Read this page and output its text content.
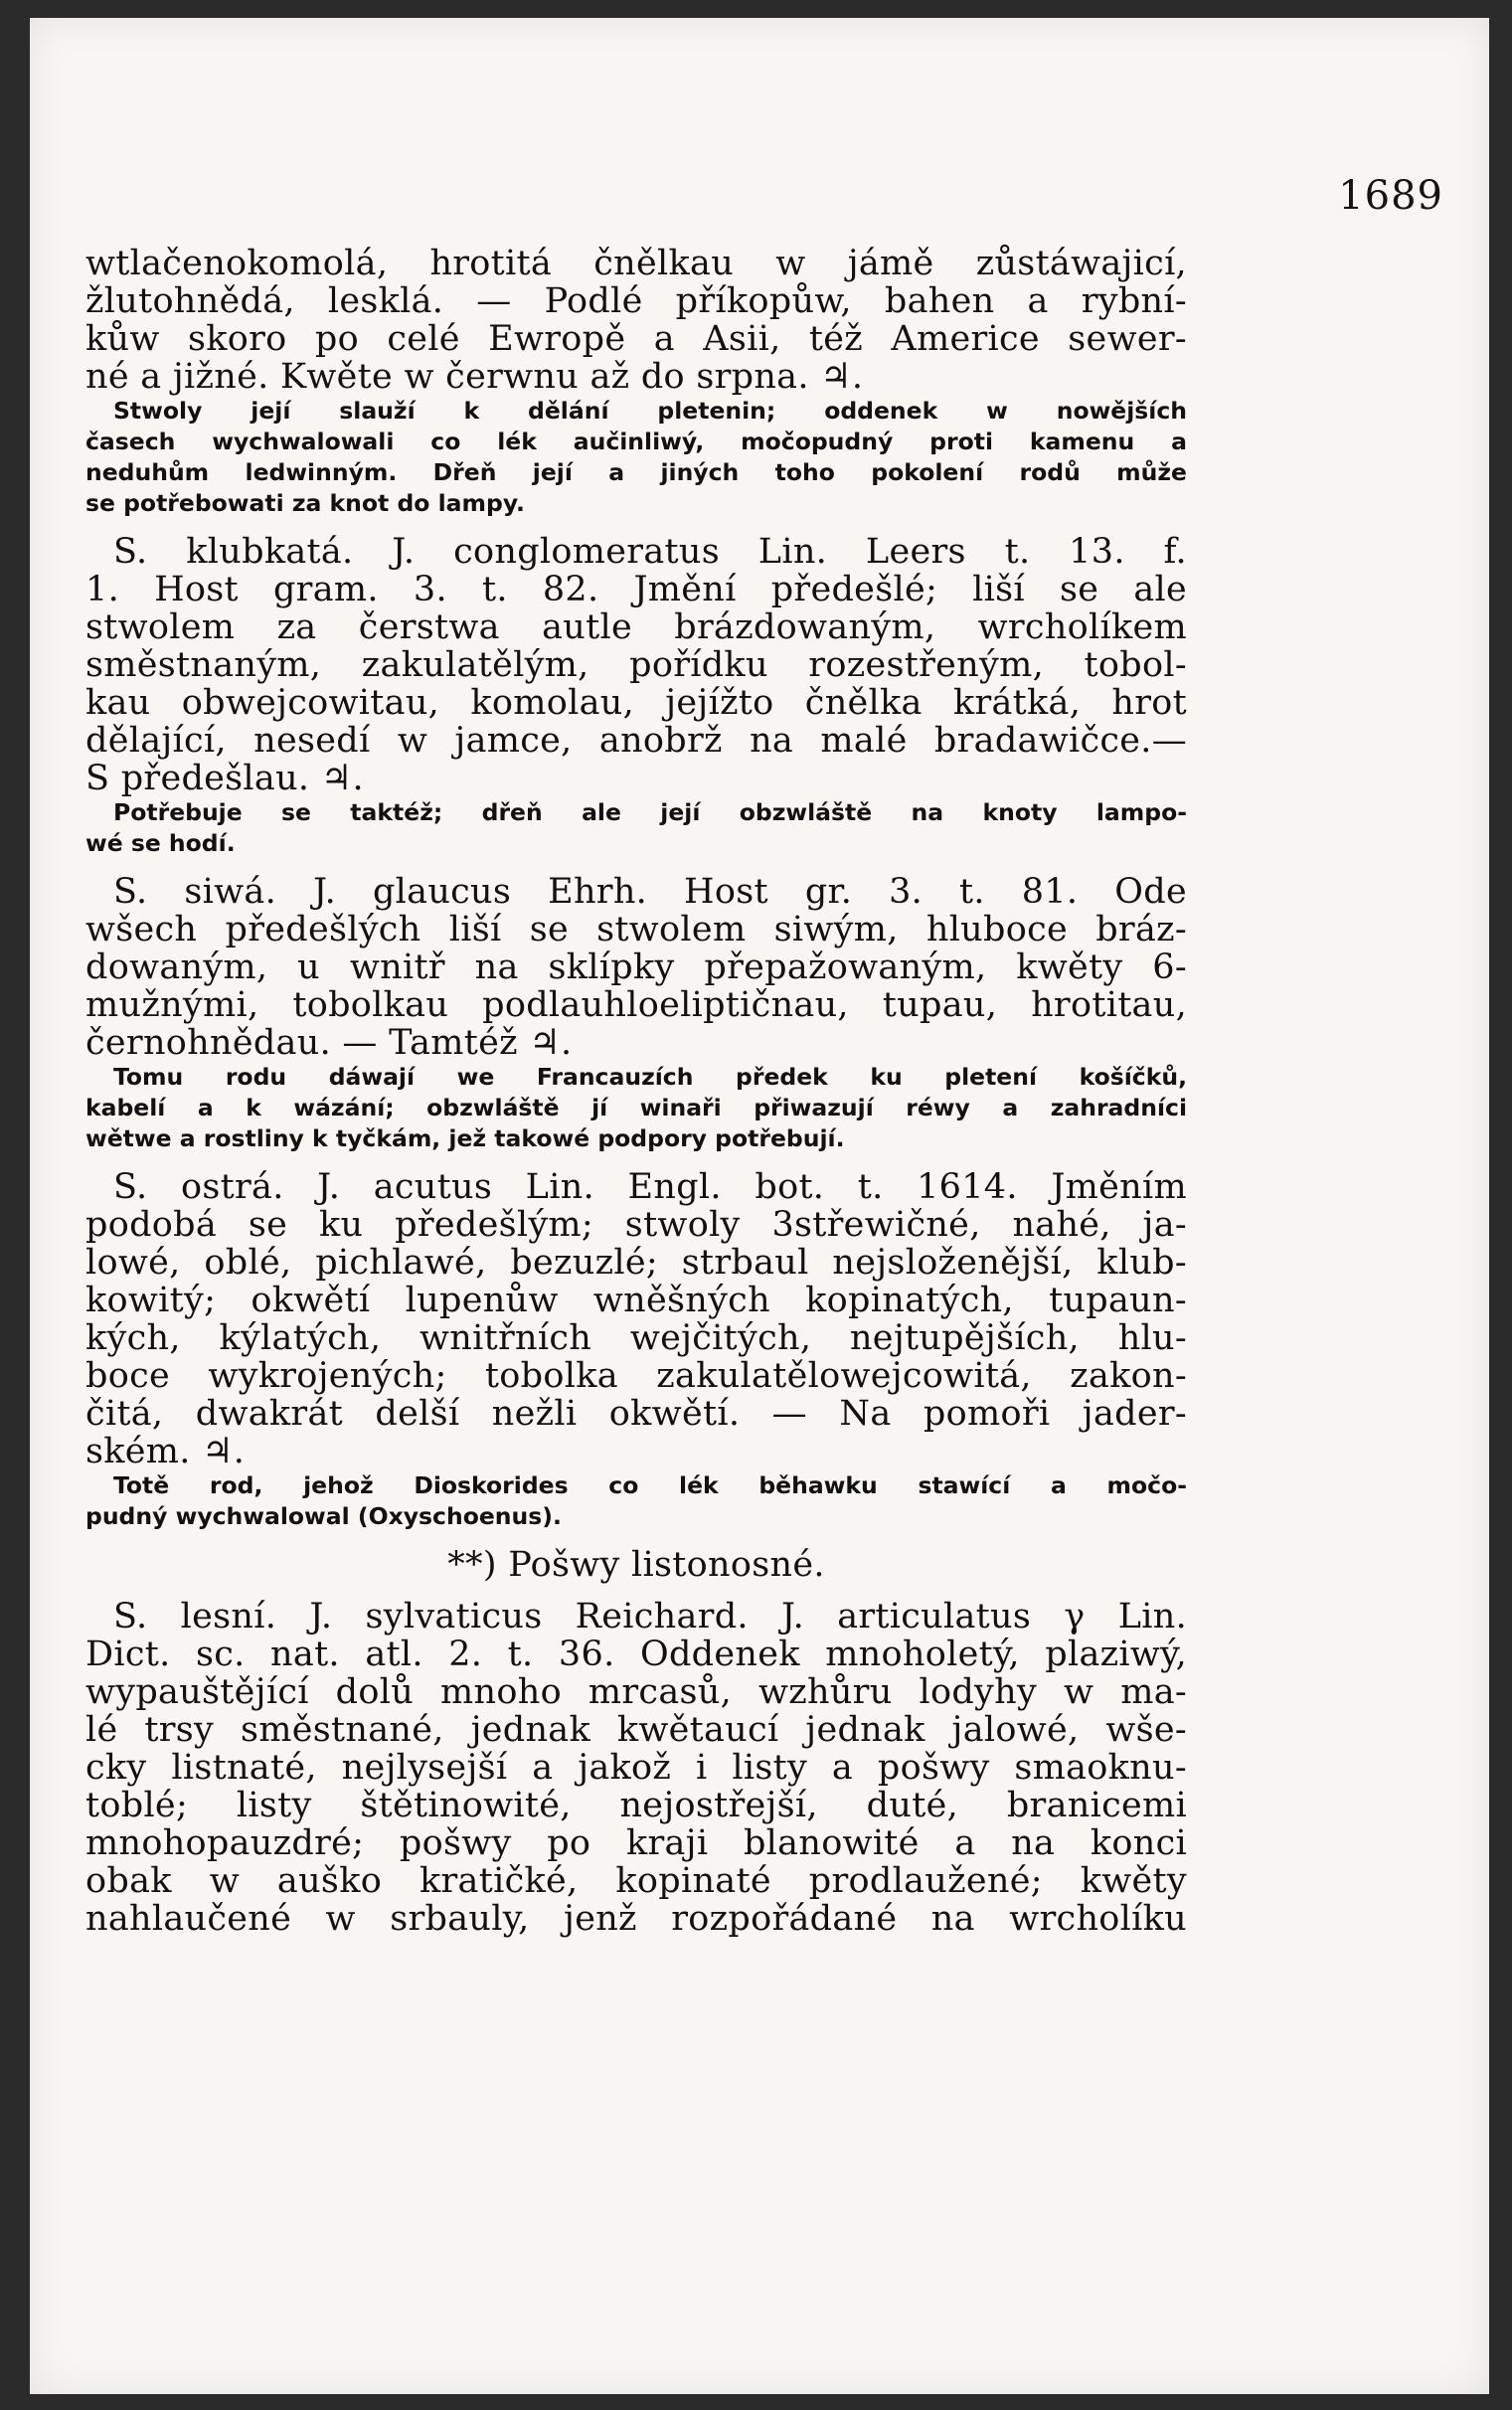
1689
wtlačenokomolá, hrotitá čnělkau w jámě zůstáwajicí,
žlutohnědá, lesklá. — Podlé příkopůw, bahen a rybní-
kůw skoro po celé Ewropě a Asii, též Americe sewer-
né a jižné. Kwěte w čerwnu až do srpna. ♃.
Stwoly její slauží k dělání pletenin; oddenek w nowějších
časech wychwalowali co lék aučinliwý, močopudný proti kamenu a
neduhům ledwinným. Dřeň její a jiných toho pokolení rodů může
se potřebowati za knot do lampy.
S. klubkatá. J. conglomeratus Lin. Leers t. 13. f.
1. Host gram. 3. t. 82. Jmění předešlé; liší se ale
stwolem za čerstwa autle brázdowaným, wrcholíkem
směstnaným, zakulatělým, pořídku rozestřeným, tobol-
kau obwejcowitau, komolau, jejížto čnělka krátká, hrot
dělající, nesedí w jamce, anobrž na malé bradawičce.—
S předešlau. ♃.
Potřebuje se taktéž; dřeň ale její obzwláště na knoty lampo-
wé se hodí.
S. siwá. J. glaucus Ehrh. Host gr. 3. t. 81. Ode
wšech předešlých liší se stwolem siwým, hluboce bráz-
dowaným, u wnitř na sklípky přepažowaným, kwěty 6-
mužnými, tobolkau podlauhloeliptičnau, tupau, hrotitau,
černohnědau. — Tamtéž ♃.
Tomu rodu dáwají we Francauzích předek ku pletení košíčků,
kabelí a k wázání; obzwláště jí winaři přiwazují réwy a zahradníci
wětwe a rostliny k tyčkám, jež takowé podpory potřebují.
S. ostrá. J. acutus Lin. Engl. bot. t. 1614. Jměním
podobá se ku předešlým; stwoly 3střewičné, nahé, ja-
lowé, oblé, pichlawé, bezuzlé; strbaul nejsloženější, klub-
kowitý; okwětí lupenůw wněšných kopinatých, tupaun-
kých, kýlatých, wnitřních wejčitých, nejtupějších, hlu-
boce wykrojených; tobolka zakulatělowejcowitá, zakon-
čitá, dwakrát delší nežli okwětí. — Na pomoři jader-
ském. ♃.
Totě rod, jehož Dioskorides co lék běhawku stawící a močo-
pudný wychwalowal (Oxyschoenus).
**) Pošwy listonosné.
S. lesní. J. sylvaticus Reichard. J. articulatus γ Lin.
Dict. sc. nat. atl. 2. t. 36. Oddenek mnoholetý, plaziwý,
wypauštějící dolů mnoho mrcasů, wzhůru lodyhy w ma-
lé trsy směstnané, jednak kwětaucí jednak jalowé, wše-
cky listnaté, nejlysejší a jakož i listy a pošwy smaoknu-
toblé; listy štětinowité, nejostřejší, duté, branicemi
mnohopauzdré; pošwy po kraji blanowité a na konci
obak w auško kratičké, kopinaté prodlaužené; kwěty
nahlaučené w srbauly, jenž rozpořádané na wrcholíku
